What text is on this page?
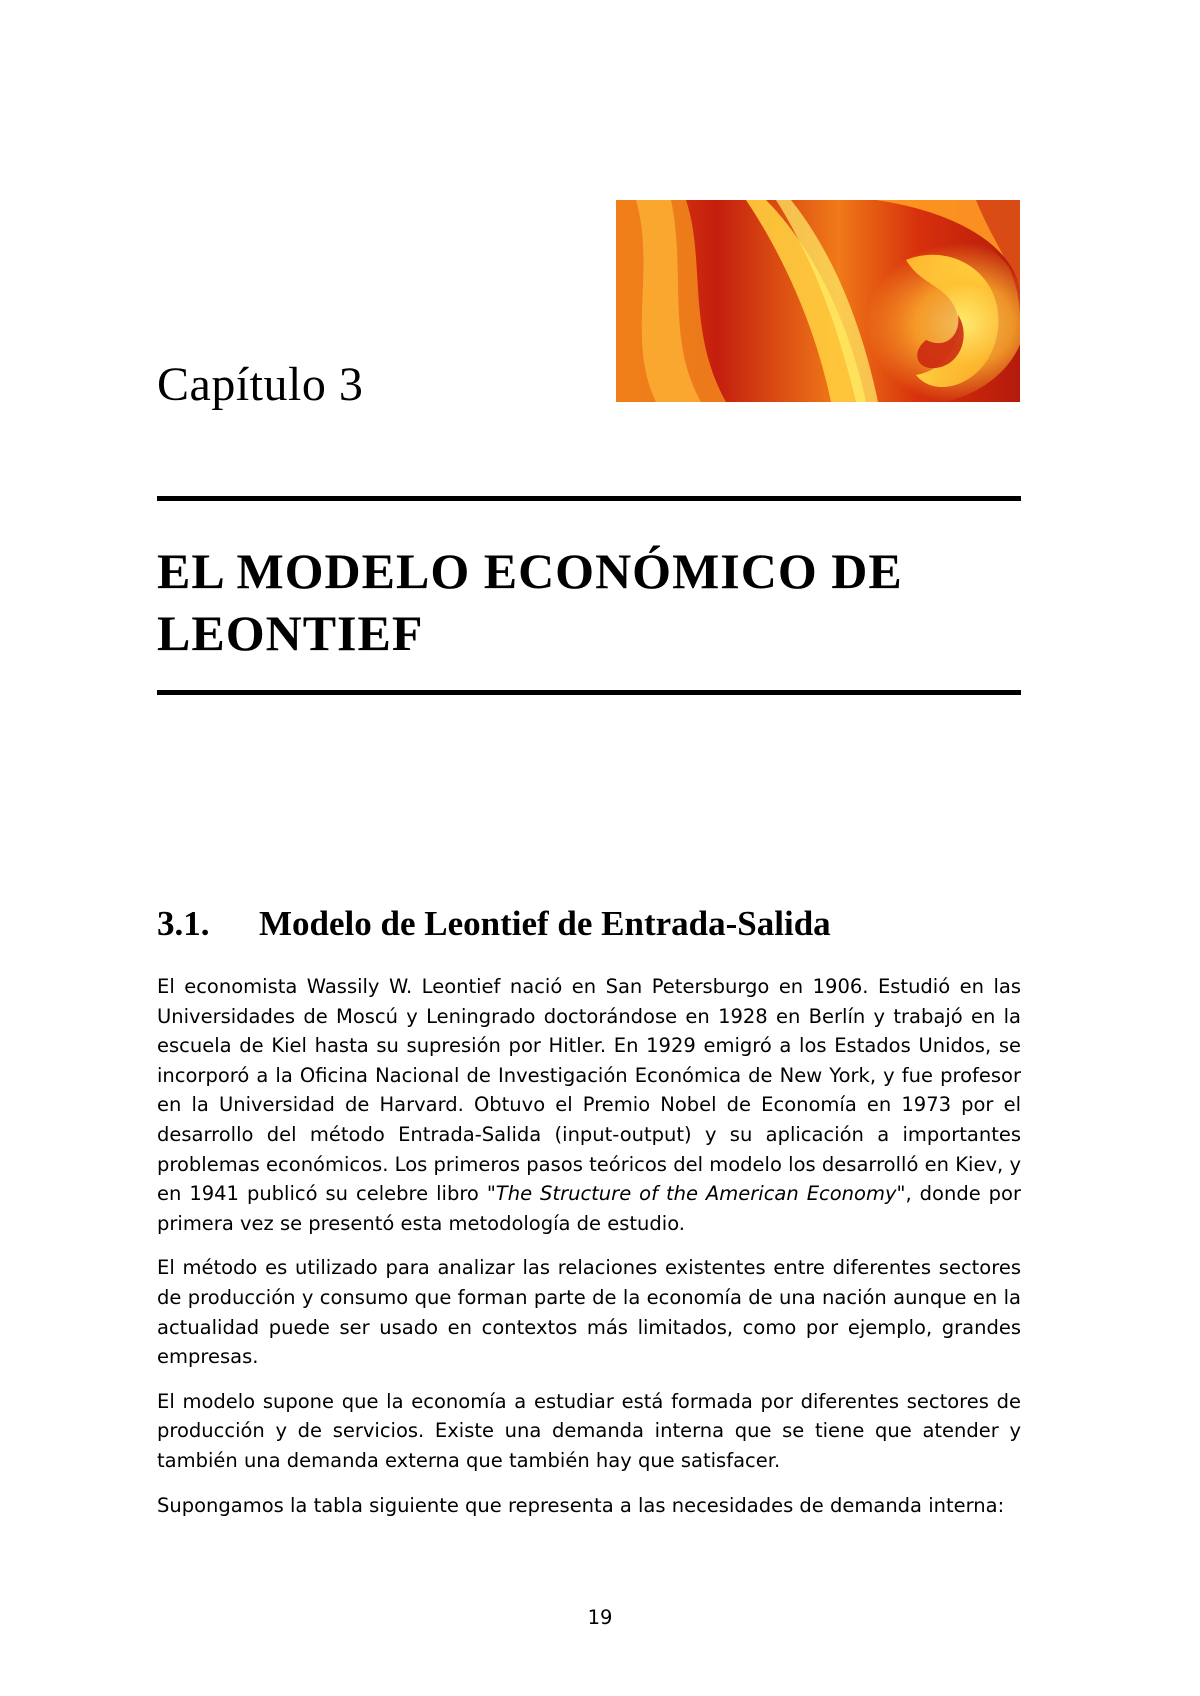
Capítulo 3
EL MODELO ECONÓMICO DE LEONTIEF
3.1. Modelo de Leontief de Entrada-Salida

El economista Wassily W. Leontief nació en San Petersburgo en 1906. Estudió en las Universidades de Moscú y Leningrado doctorándose en 1928 en Berlín y trabajó en la escuela de Kiel hasta su supresión por Hitler. En 1929 emigró a los Estados Unidos, se incorporó a la Oficina Nacional de Investigación Económica de New York, y fue profesor en la Universidad de Harvard. Obtuvo el Premio Nobel de Economía en 1973 por el desarrollo del método Entrada-Salida (input-output) y su aplicación a importantes problemas económicos. Los primeros pasos teóricos del modelo los desarrolló en Kiev, y en 1941 publicó su celebre libro "The Structure of the American Economy", donde por primera vez se presentó esta metodología de estudio.

El método es utilizado para analizar las relaciones existentes entre diferentes sectores de producción y consumo que forman parte de la economía de una nación aunque en la actualidad puede ser usado en contextos más limitados, como por ejemplo, grandes empresas.

El modelo supone que la economía a estudiar está formada por diferentes sectores de producción y de servicios. Existe una demanda interna que se tiene que atender y también una demanda externa que también hay que satisfacer.

Supongamos la tabla siguiente que representa a las necesidades de demanda interna:

19
